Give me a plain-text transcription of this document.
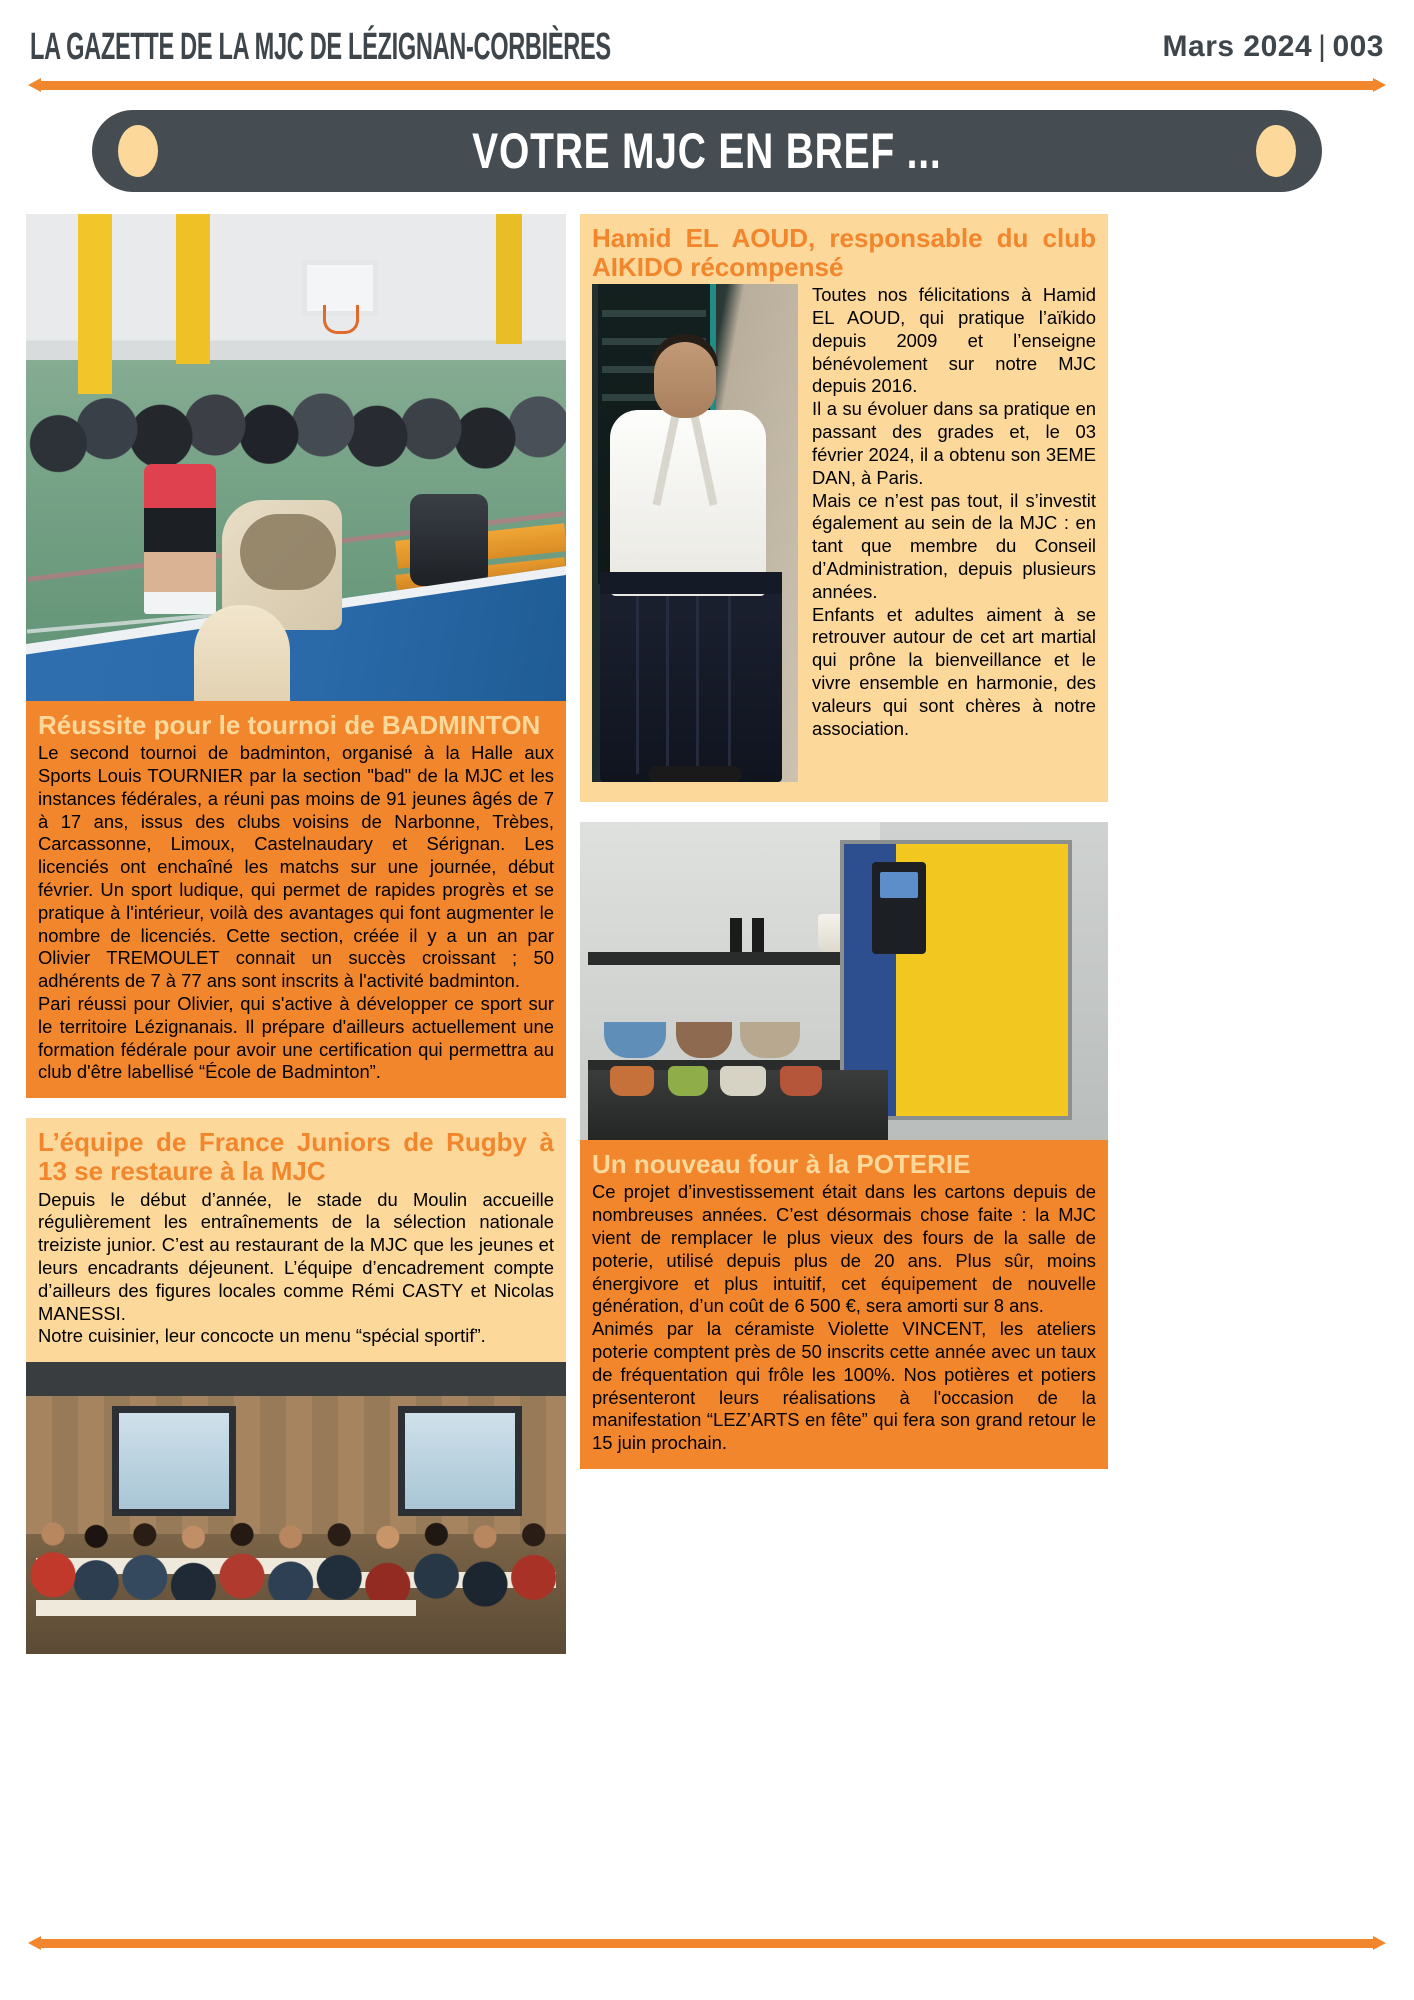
LA GAZETTE DE LA MJC DE LÉZIGNAN-CORBIÈRES	Mars 2024 | 003
VOTRE MJC EN BREF ...
Réussite pour le tournoi de BADMINTON

Le second tournoi de badminton, organisé à la Halle aux Sports Louis TOURNIER par la section "bad" de la MJC et les instances fédérales, a réuni pas moins de 91 jeunes âgés de 7 à 17 ans, issus des clubs voisins de Narbonne, Trèbes, Carcassonne, Limoux, Castelnaudary et Sérignan. Les licenciés ont enchaîné les matchs sur une journée, début février. Un sport ludique, qui permet de rapides progrès et se pratique à l'intérieur, voilà des avantages qui font augmenter le nombre de licenciés. Cette section, créée il y a un an par Olivier TREMOULET connait un succès croissant ; 50 adhérents de 7 à 77 ans sont inscrits à l'activité badminton.

Pari réussi pour Olivier, qui s'active à développer ce sport sur le territoire Lézignanais. Il prépare d'ailleurs actuellement une formation fédérale pour avoir une certification qui permettra au club d'être labellisé “École de Badminton”.

L’équipe de France Juniors de Rugby à 13 se restaure à la MJC

Depuis le début d’année, le stade du Moulin accueille régulièrement les entraînements de la sélection nationale treiziste junior. C’est au restaurant de la MJC que les jeunes et leurs encadrants déjeunent. L’équipe d’encadrement compte d’ailleurs des figures locales comme Rémi CASTY et Nicolas MANESSI.

Notre cuisinier, leur concocte un menu “spécial sportif”.

Hamid EL AOUD, responsable du club AIKIDO récompensé

Toutes nos félicitations à Hamid EL AOUD, qui pratique l’aïkido depuis 2009 et l’enseigne bénévolement sur notre MJC depuis 2016.

Il a su évoluer dans sa pratique en passant des grades et, le 03 février 2024, il a obtenu son 3EME DAN, à Paris.

Mais ce n’est pas tout, il s’investit également au sein de la MJC : en tant que membre du Conseil d’Administration, depuis plusieurs années.

Enfants et adultes aiment à se retrouver autour de cet art martial qui prône la bienveillance et le vivre ensemble en harmonie, des valeurs qui sont chères à notre association.

Un nouveau four à la POTERIE

Ce projet d’investissement était dans les cartons depuis de nombreuses années. C’est désormais chose faite : la MJC vient de remplacer le plus vieux des fours de la salle de poterie, utilisé depuis plus de 20 ans. Plus sûr, moins énergivore et plus intuitif, cet équipement de nouvelle génération, d’un coût de 6 500 €, sera amorti sur 8 ans.

Animés par la céramiste Violette VINCENT, les ateliers poterie comptent près de 50 inscrits cette année avec un taux de fréquentation qui frôle les 100%. Nos potières et potiers présenteront leurs réalisations à l'occasion de la manifestation “LEZ’ARTS en fête” qui fera son grand retour le 15 juin prochain.
